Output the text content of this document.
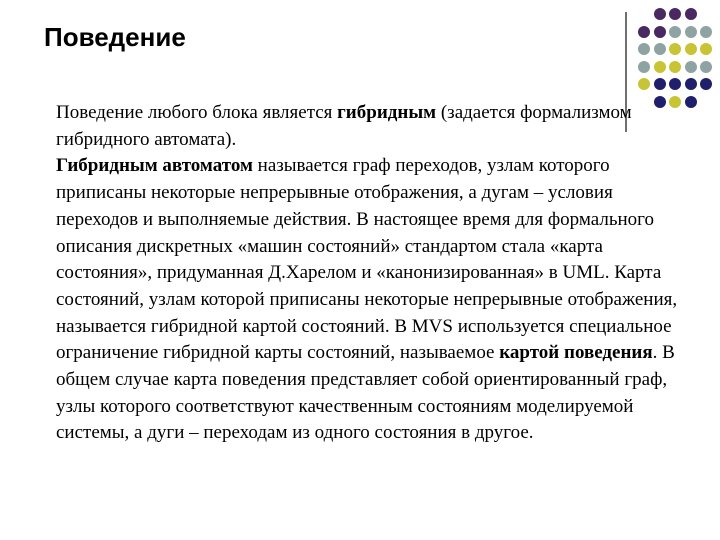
Поведение

Поведение любого блока является гибридным (задается формализмом гибридного автомата).

Гибридным автоматом называется граф переходов, узлам которого приписаны некоторые непрерывные отображения, а дугам – условия переходов и выполняемые действия. В настоящее время для формального описания дискретных «машин состояний» стандартом стала «карта состояния», придуманная Д.Харелом и «канонизированная» в UML. Карта состояний, узлам которой приписаны некоторые непрерывные отображения, называется гибридной картой состояний. В MVS используется специальное ограничение гибридной карты состояний, называемое картой поведения. В общем случае карта поведения представляет собой ориентированный граф, узлы которого соответствуют качественным состояниям моделируемой системы, а дуги – переходам из одного состояния в другое.
